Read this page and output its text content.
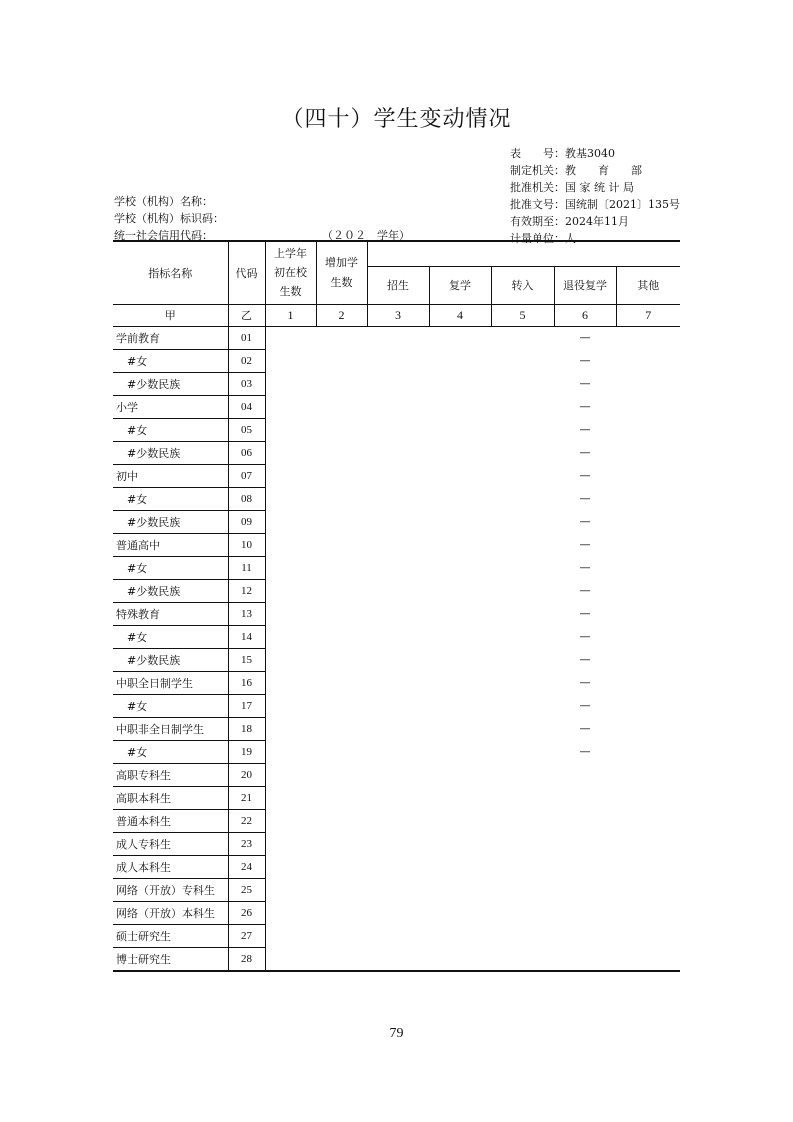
（四十）学生变动情况
表　　号：教基3040
制定机关：教　　育　　部
批准机关：国 家 统 计 局
批准文号：国统制〔2021〕135号
有效期至：2024年11月
计量单位：人
学校（机构）名称：
学校（机构）标识码：
统一社会信用代码：	（２０２　学年）
指标名称	代码	上学年初在校生数	增加学生数					
				招生	复学	转入	退役复学	其他
甲	乙	1	2	3	4	5	6	7
学前教育	01						—	
　#女	02						—	
　#少数民族	03						—	
小学	04						—	
　#女	05						—	
　#少数民族	06						—	
初中	07						—	
　#女	08						—	
　#少数民族	09						—	
普通高中	10						—	
　#女	11						—	
　#少数民族	12						—	
特殊教育	13						—	
　#女	14						—	
　#少数民族	15						—	
中职全日制学生	16						—	
　#女	17						—	
中职非全日制学生	18						—	
　#女	19						—	
高职专科生	20							
高职本科生	21							
普通本科生	22							
成人专科生	23							
成人本科生	24							
网络（开放）专科生	25							
网络（开放）本科生	26							
硕士研究生	27							
博士研究生	28							
79
